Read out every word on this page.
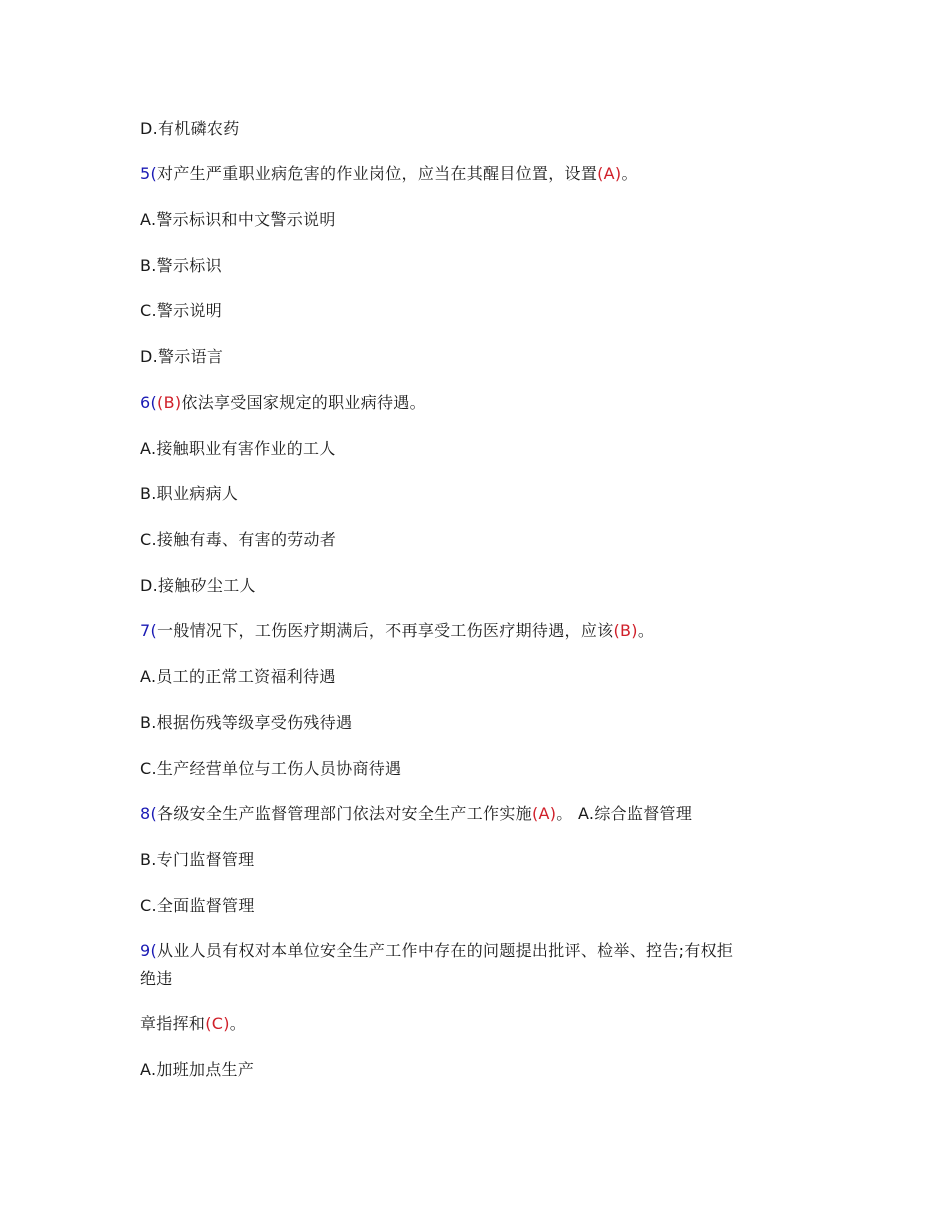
D.有机磷农药
5(对产生严重职业病危害的作业岗位，应当在其醒目位置，设置(A)。
A.警示标识和中文警示说明
B.警示标识
C.警示说明
D.警示语言
6((B)依法享受国家规定的职业病待遇。
A.接触职业有害作业的工人
B.职业病病人
C.接触有毒、有害的劳动者
D.接触矽尘工人
7(一般情况下，工伤医疗期满后，不再享受工伤医疗期待遇，应该(B)。
A.员工的正常工资福利待遇
B.根据伤残等级享受伤残待遇
C.生产经营单位与工伤人员协商待遇
8(各级安全生产监督管理部门依法对安全生产工作实施(A)。 A.综合监督管理
B.专门监督管理
C.全面监督管理
9(从业人员有权对本单位安全生产工作中存在的问题提出批评、检举、控告;有权拒
绝违
章指挥和(C)。
A.加班加点生产
